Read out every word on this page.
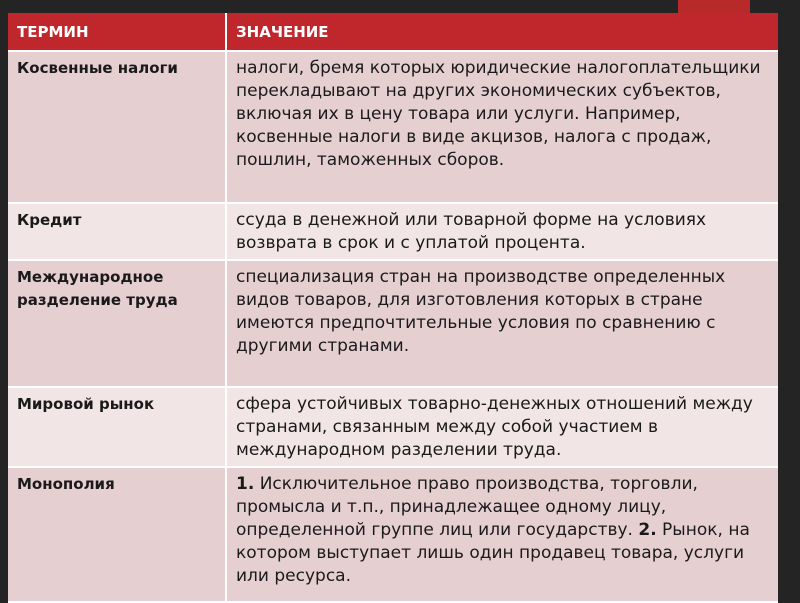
ТЕРМИН	ЗНАЧЕНИЕ
Косвенные налоги	налоги, бремя которых юридические налогоплательщики перекладывают на других экономических субъектов, включая их в цену товара или услуги. Например, косвенные налоги в виде акцизов, налога с продаж, пошлин, таможенных сборов.
Кредит	ссуда в денежной или товарной форме на условиях возврата в срок и с уплатой процента.
Международное разделение труда	специализация стран на производстве определенных видов товаров, для изготовления которых в стране имеются предпочтительные условия по сравнению с другими странами.
Мировой рынок	сфера устойчивых товарно-денежных отношений между странами, связанным между собой участием в международном разделении труда.
Монополия	1. Исключительное право производства, торговли, промысла и т.п., принадлежащее одному лицу, определенной группе лиц или государству. 2. Рынок, на котором выступает лишь один продавец товара, услуги или ресурса.
